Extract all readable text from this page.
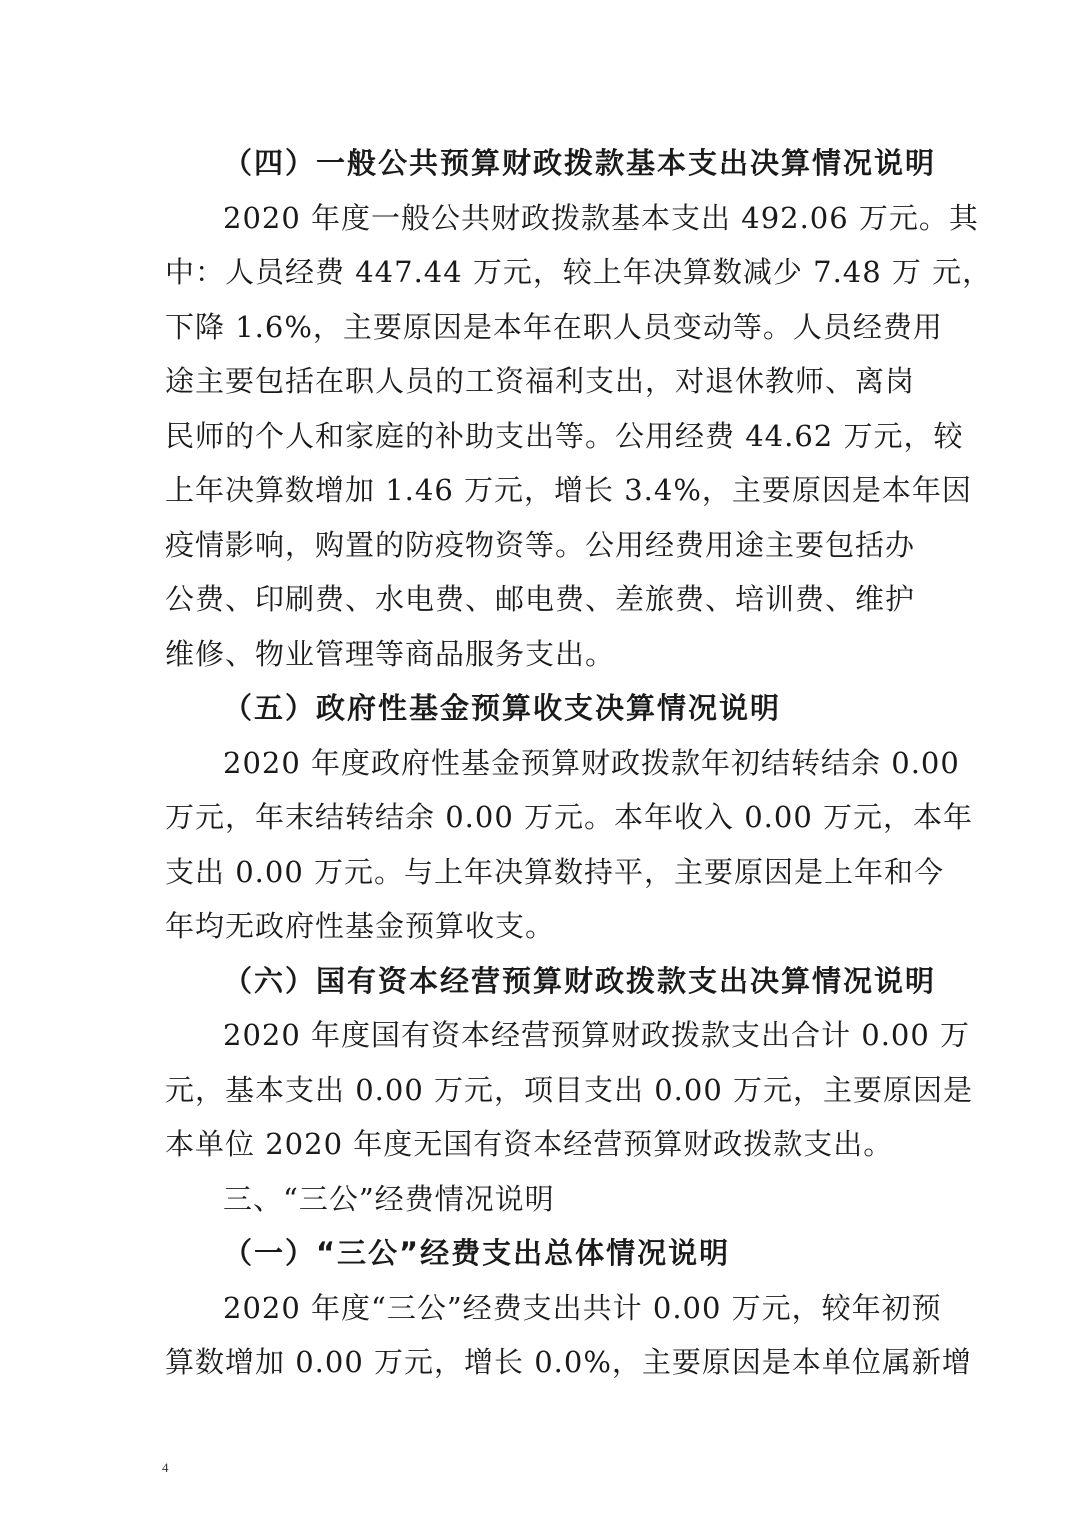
（四）一般公共预算财政拨款基本支出决算情况说明
2020 年度一般公共财政拨款基本支出 492.06 万元。其
中：人员经费 447.44 万元，较上年决算数减少 7.48 万 元，
下降 1.6%，主要原因是本年在职人员变动等。人员经费用
途主要包括在职人员的工资福利支出，对退休教师、离岗
民师的个人和家庭的补助支出等。公用经费 44.62 万元，较
上年决算数增加 1.46 万元，增长 3.4%，主要原因是本年因
疫情影响，购置的防疫物资等。公用经费用途主要包括办
公费、印刷费、水电费、邮电费、差旅费、培训费、维护
维修、物业管理等商品服务支出。
（五）政府性基金预算收支决算情况说明
2020 年度政府性基金预算财政拨款年初结转结余 0.00
万元，年末结转结余 0.00 万元。本年收入 0.00 万元，本年
支出 0.00 万元。与上年决算数持平，主要原因是上年和今
年均无政府性基金预算收支。
（六）国有资本经营预算财政拨款支出决算情况说明
2020 年度国有资本经营预算财政拨款支出合计 0.00 万
元，基本支出 0.00 万元，项目支出 0.00 万元，主要原因是
本单位 2020 年度无国有资本经营预算财政拨款支出。
三、“三公”经费情况说明
（一）“三公”经费支出总体情况说明
2020 年度“三公”经费支出共计 0.00 万元，较年初预
算数增加 0.00 万元，增长 0.0%，主要原因是本单位属新增
4
